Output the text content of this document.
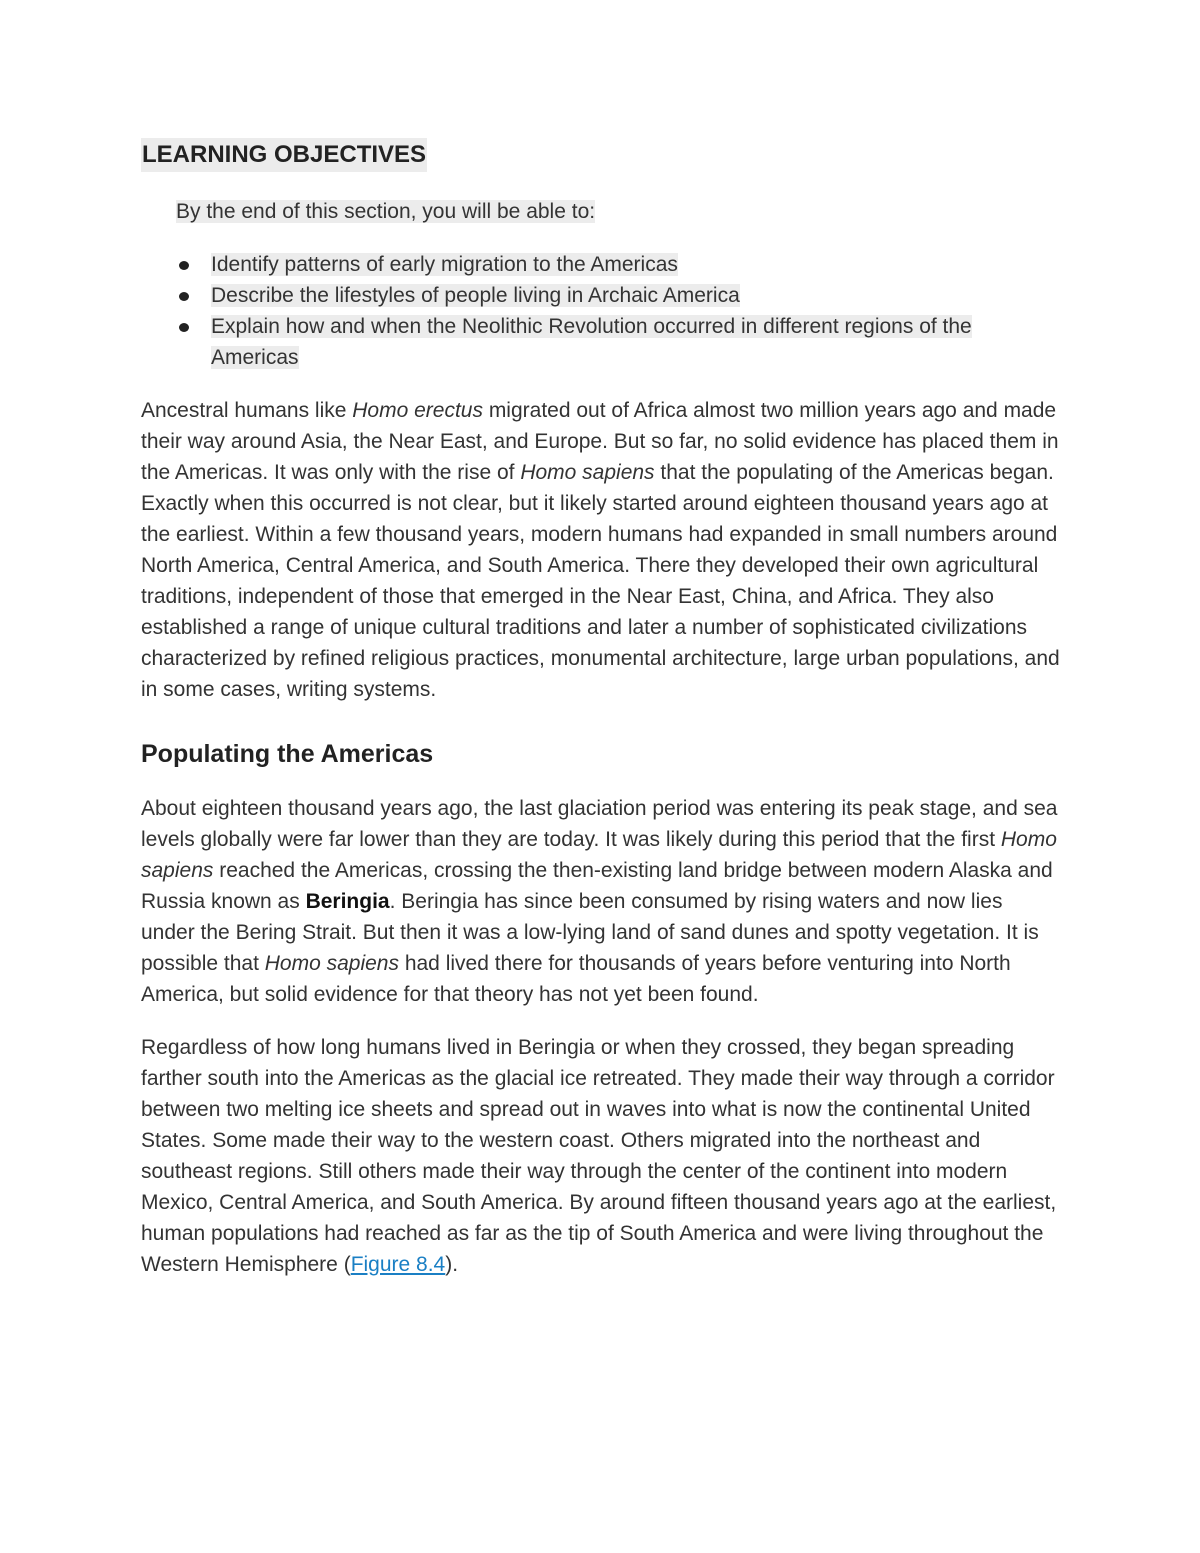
LEARNING OBJECTIVES
By the end of this section, you will be able to:
Identify patterns of early migration to the Americas
Describe the lifestyles of people living in Archaic America
Explain how and when the Neolithic Revolution occurred in different regions of the Americas

Ancestral humans like Homo erectus migrated out of Africa almost two million years ago and made their way around Asia, the Near East, and Europe. But so far, no solid evidence has placed them in the Americas. It was only with the rise of Homo sapiens that the populating of the Americas began. Exactly when this occurred is not clear, but it likely started around eighteen thousand years ago at the earliest. Within a few thousand years, modern humans had expanded in small numbers around North America, Central America, and South America. There they developed their own agricultural traditions, independent of those that emerged in the Near East, China, and Africa. They also established a range of unique cultural traditions and later a number of sophisticated civilizations characterized by refined religious practices, monumental architecture, large urban populations, and in some cases, writing systems.

Populating the Americas

About eighteen thousand years ago, the last glaciation period was entering its peak stage, and sea levels globally were far lower than they are today. It was likely during this period that the first Homo sapiens reached the Americas, crossing the then-existing land bridge between modern Alaska and Russia known as Beringia. Beringia has since been consumed by rising waters and now lies under the Bering Strait. But then it was a low-lying land of sand dunes and spotty vegetation. It is possible that Homo sapiens had lived there for thousands of years before venturing into North America, but solid evidence for that theory has not yet been found.

Regardless of how long humans lived in Beringia or when they crossed, they began spreading farther south into the Americas as the glacial ice retreated. They made their way through a corridor between two melting ice sheets and spread out in waves into what is now the continental United States. Some made their way to the western coast. Others migrated into the northeast and southeast regions. Still others made their way through the center of the continent into modern Mexico, Central America, and South America. By around fifteen thousand years ago at the earliest, human populations had reached as far as the tip of South America and were living throughout the Western Hemisphere (Figure 8.4).
